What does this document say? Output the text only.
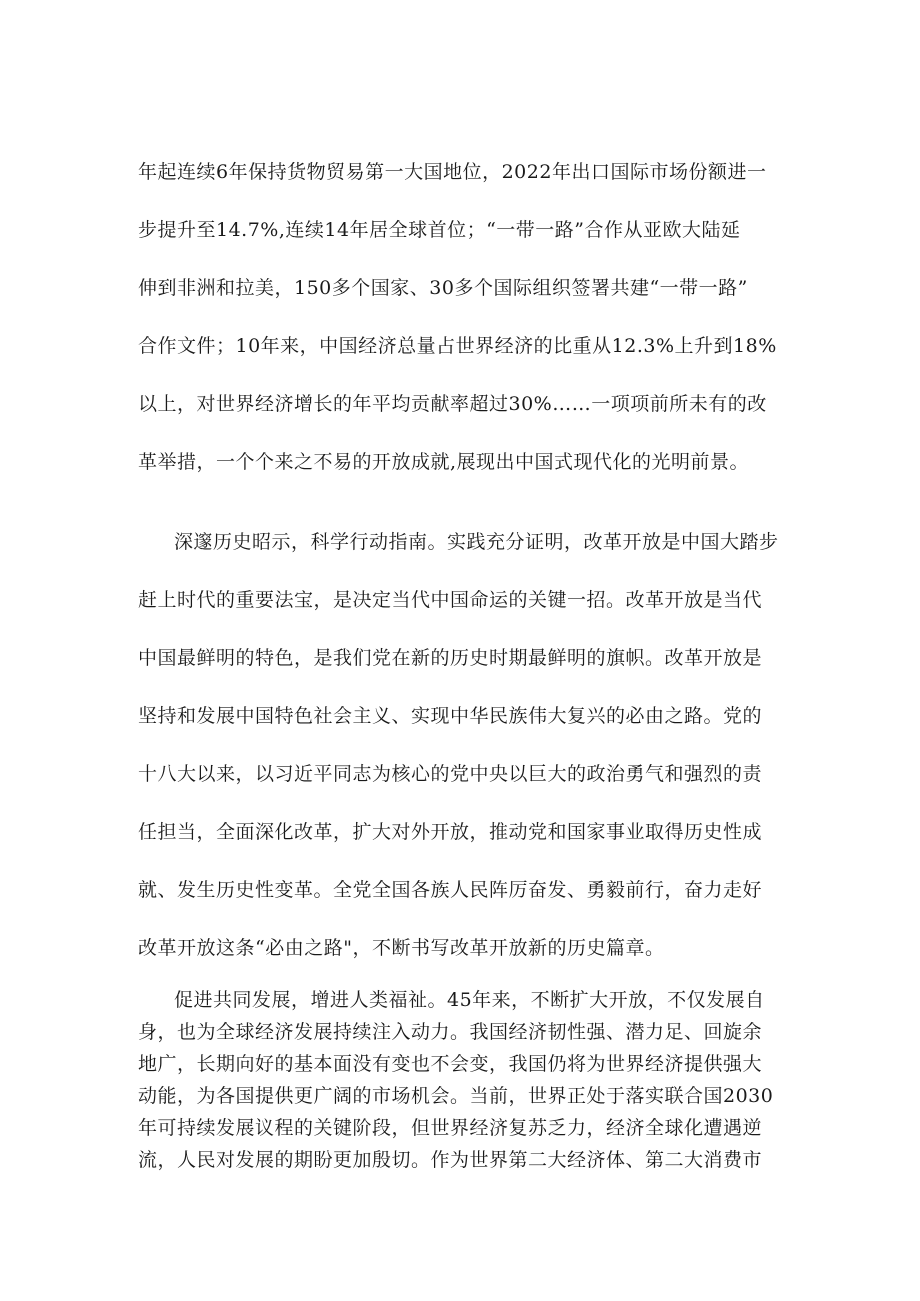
年起连续6年保持货物贸易第一大国地位，2022年出口国际市场份额进一
步提升至14.7%,连续14年居全球首位；“一带一路”合作从亚欧大陆延
伸到非洲和拉美，150多个国家、30多个国际组织签署共建“一带一路”
合作文件；10年来，中国经济总量占世界经济的比重从12.3%上升到18%
以上，对世界经济增长的年平均贡献率超过30%……一项项前所未有的改
革举措，一个个来之不易的开放成就,展现出中国式现代化的光明前景。
深邃历史昭示，科学行动指南。实践充分证明，改革开放是中国大踏步
赶上时代的重要法宝，是决定当代中国命运的关键一招。改革开放是当代
中国最鲜明的特色，是我们党在新的历史时期最鲜明的旗帜。改革开放是
坚持和发展中国特色社会主义、实现中华民族伟大复兴的必由之路。党的
十八大以来，以习近平同志为核心的党中央以巨大的政治勇气和强烈的责
任担当，全面深化改革，扩大对外开放，推动党和国家事业取得历史性成
就、发生历史性变革。全党全国各族人民阵厉奋发、勇毅前行，奋力走好
改革开放这条“必由之路"，不断书写改革开放新的历史篇章。
促进共同发展，增进人类福祉。45年来，不断扩大开放，不仅发展自
身，也为全球经济发展持续注入动力。我国经济韧性强、潜力足、回旋余
地广，长期向好的基本面没有变也不会变，我国仍将为世界经济提供强大
动能，为各国提供更广阔的市场机会。当前，世界正处于落实联合国2030
年可持续发展议程的关键阶段，但世界经济复苏乏力，经济全球化遭遇逆
流，人民对发展的期盼更加殷切。作为世界第二大经济体、第二大消费市
